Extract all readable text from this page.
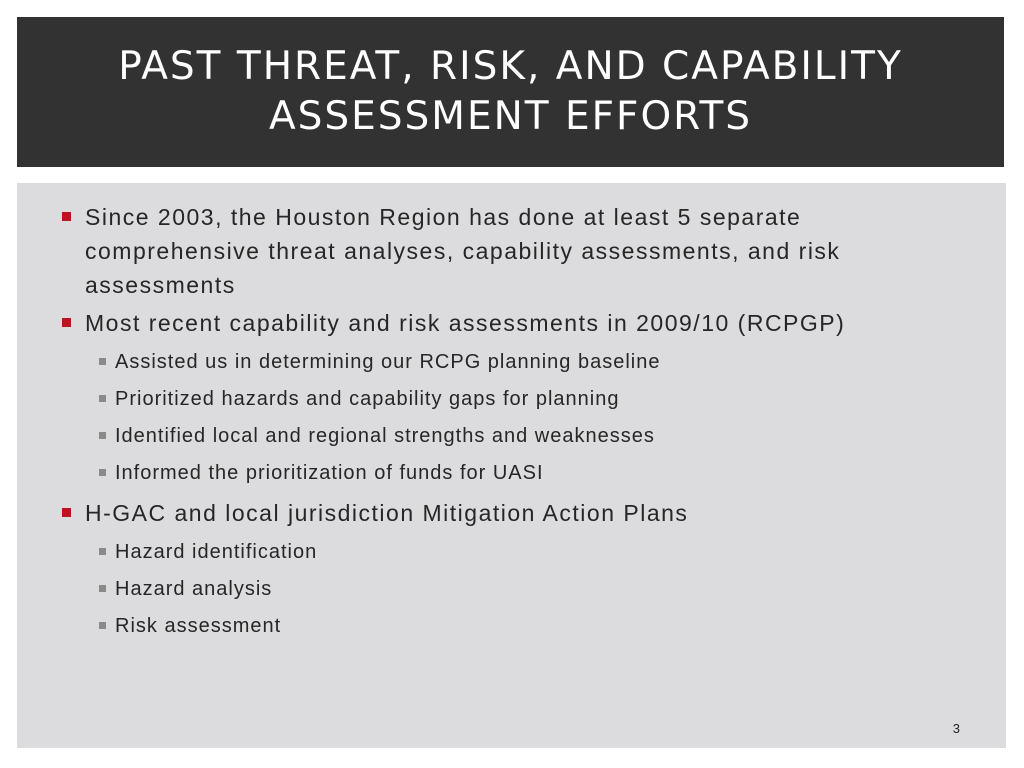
PAST THREAT, RISK, AND CAPABILITY ASSESSMENT EFFORTS
Since 2003, the Houston Region has done at least 5 separate comprehensive threat analyses, capability assessments, and risk assessments
Most recent capability and risk assessments in 2009/10 (RCPGP)
Assisted us in determining our RCPG planning baseline
Prioritized hazards and capability gaps for planning
Identified local and regional strengths and weaknesses
Informed the prioritization of funds for UASI
H-GAC and local jurisdiction Mitigation Action Plans
Hazard identification
Hazard analysis
Risk assessment
3
